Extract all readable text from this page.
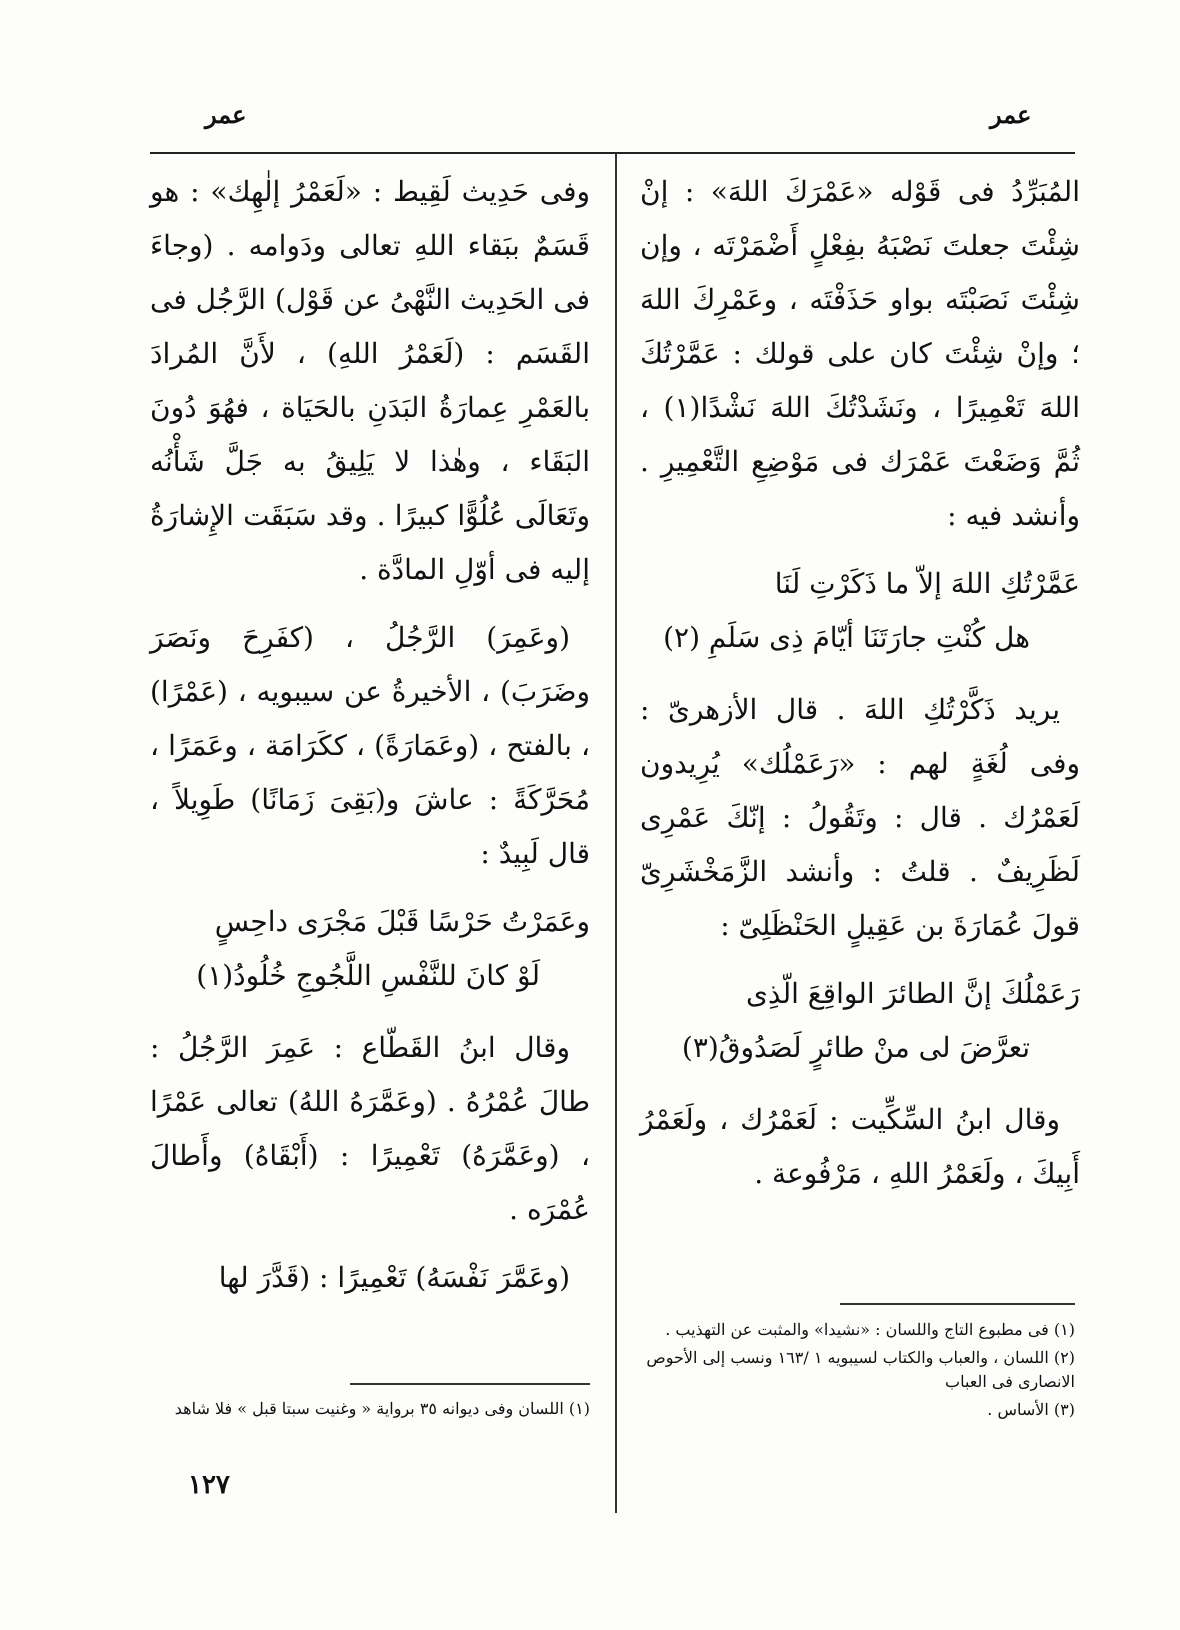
عمر
عمر

المُبَرِّدُ فى قَوْله «عَمْرَكَ اللهَ» : إنْ شِئْتَ جعلتَ نَصْبَهُ بفِعْلٍ أَضْمَرْتَه ، وإن شِئْتَ نَصَبْتَه بواو حَذَفْتَه ، وعَمْرِكَ اللهَ ؛ وإنْ شِئْتَ كان على قولك : عَمَّرْتُكَ اللهَ تَعْمِيرًا ، ونَشَدْتُكَ اللهَ نَشْدًا(١) ، ثُمَّ وَضَعْتَ عَمْرَك فى مَوْضِعِ التَّعْمِيرِ . وأنشد فيه :

عَمَّرْتُكِ اللهَ إلاّ ما ذَكَرْتِ لَنَا
هل كُنْتِ جارَتَنَا أيّامَ ذِى سَلَمِ (٢)

يريد ذَكَّرْتُكِ اللهَ . قال الأزهرىّ : وفى لُغَةٍ لهم : «رَعَمْلُك» يُرِيدون لَعَمْرُك . قال : وتَقُولُ : إنّكَ عَمْرِى لَظَرِيفٌ . قلتُ : وأنشد الزَّمَخْشَرِىّ قولَ عُمَارَةَ بن عَقِيلٍ الحَنْظَلِىّ :

رَعَمْلُكَ إنَّ الطائرَ الواقِعَ الّذِى
تعرَّضَ لى منْ طائرٍ لَصَدُوقُ(٣)

وقال ابنُ السِّكِّيت : لَعَمْرُك ، ولَعَمْرُ أَبِيكَ ، ولَعَمْرُ اللهِ ، مَرْفُوعة .

(١) فى مطبوع التاج واللسان : «نشيدا» والمثبت عن التهذيب .
(٢) اللسان ، والعباب والكتاب لسيبويه ١ /١٦٣ ونسب إلى الأحوص الانصارى فى العباب
(٣) الأساس .

وفى حَدِيث لَقِيط : «لَعَمْرُ إلٰهِك» : هو قَسَمٌ ببَقاء اللهِ تعالى ودَوامه . (وجاءَ فى الحَدِيث النَّهْىُ عن قَوْل) الرَّجُل فى القَسَم : (لَعَمْرُ اللهِ) ، لأَنَّ المُرادَ بالعَمْرِ عِمارَةُ البَدَنِ بالحَيَاة ، فهُوَ دُونَ البَقَاء ، وهٰذا لا يَلِيقُ به جَلَّ شَأْنُه وتَعَالَى عُلُوًّا كبيرًا . وقد سَبَقَت الإِشارَةُ إليه فى أوّلِ المادَّة .

(وعَمِرَ) الرَّجُلُ ، (كفَرِحَ ونَصَرَ وضَرَبَ) ، الأخيرةُ عن سيبويه ، (عَمْرًا) ، بالفتح ، (وعَمَارَةً) ، ككَرَامَة ، وعَمَرًا ، مُحَرَّكَةً : عاشَ و(بَقِىَ زَمَانًا) طَوِيلاً ، قال لَبِيدٌ :

وعَمَرْتُ حَرْسًا قَبْلَ مَجْرَى داحِسٍ
لَوْ كانَ للنَّفْسِ اللَّجُوجِ خُلُودُ(١)

وقال ابنُ القَطّاع : عَمِرَ الرَّجُلُ : طالَ عُمْرُهُ . (وعَمَّرَهُ اللهُ) تعالى عَمْرًا ، (وعَمَّرَهُ) تَعْمِيرًا : (أَبْقَاهُ) وأَطالَ عُمْرَه .

(وعَمَّرَ نَفْسَهُ) تَعْمِيرًا : (قَدَّرَ لها

(١) اللسان وفى ديوانه ٣٥ برواية « وغنيت سبتا قبل » فلا شاهد
١٢٧
